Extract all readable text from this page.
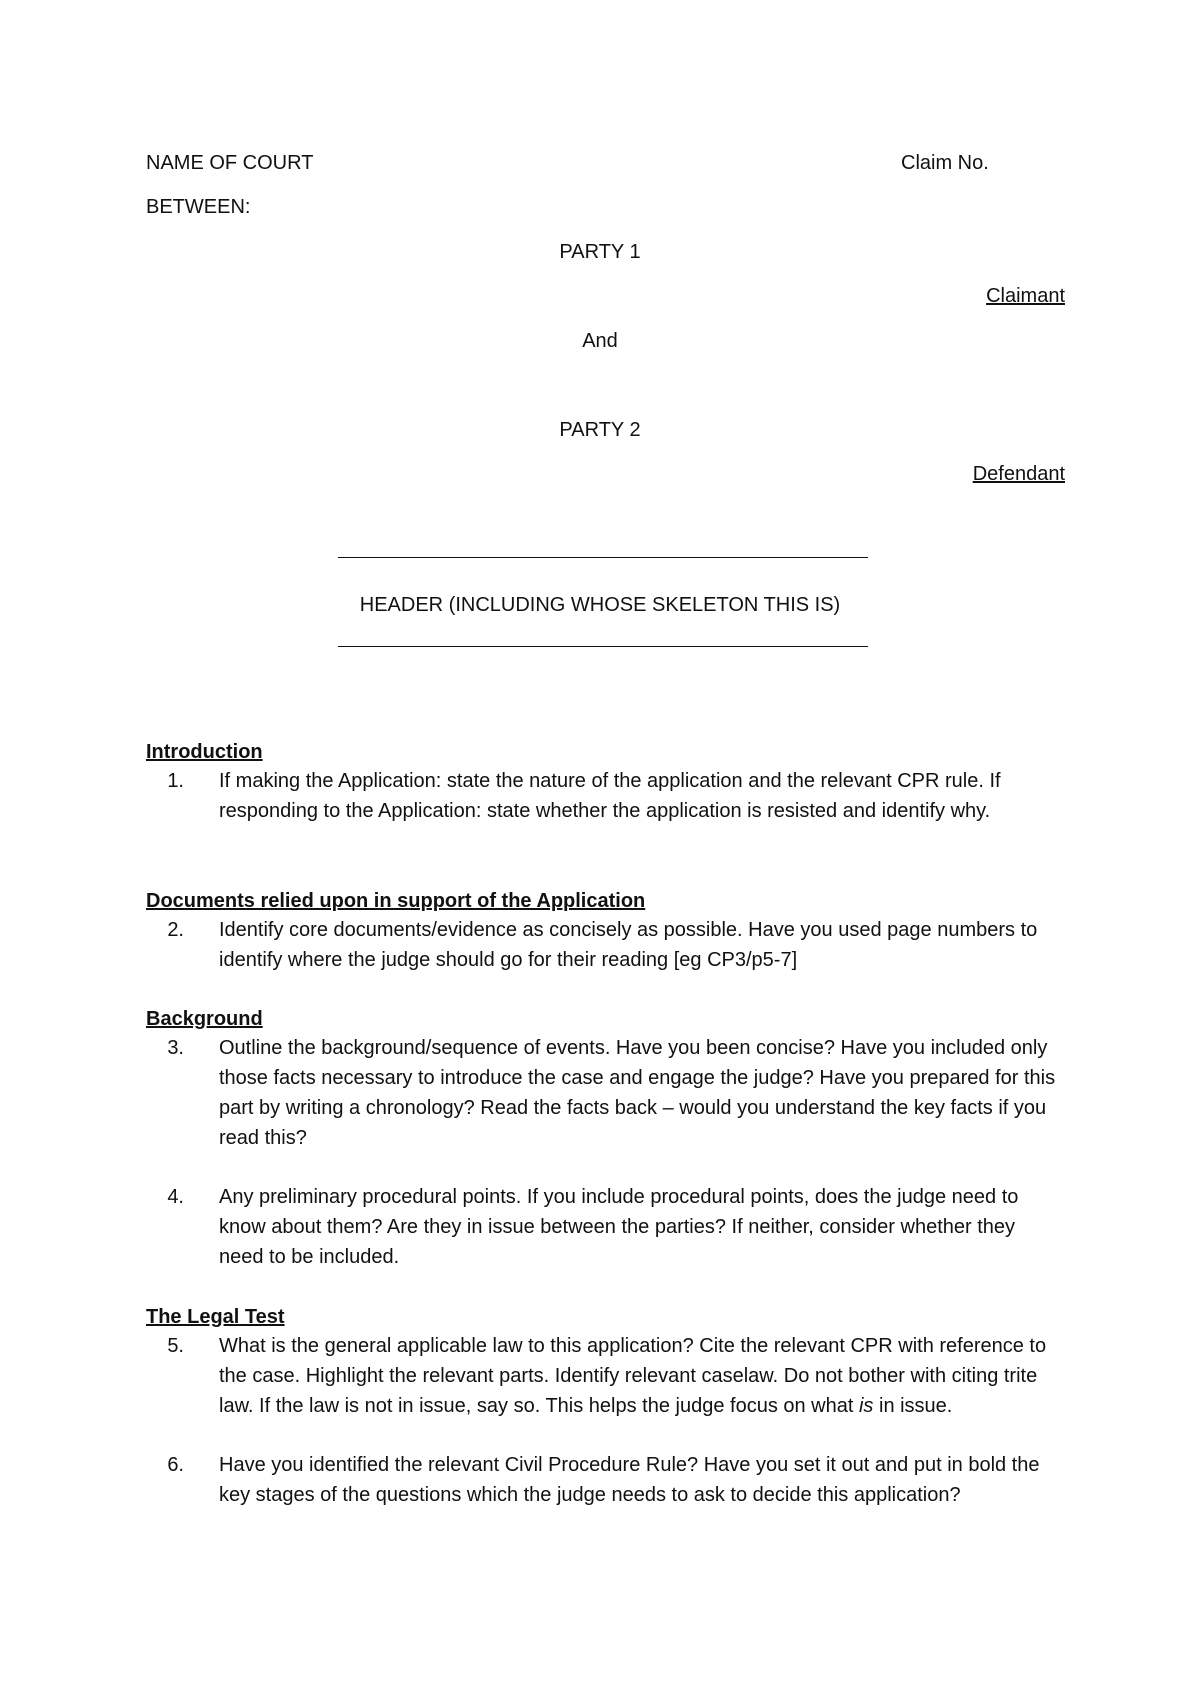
NAME OF COURT	Claim No.
BETWEEN:
PARTY 1
Claimant
And
PARTY 2
Defendant
HEADER (INCLUDING WHOSE SKELETON THIS IS)
Introduction
1. If making the Application: state the nature of the application and the relevant CPR rule. If responding to the Application: state whether the application is resisted and identify why.
Documents relied upon in support of the Application
2. Identify core documents/evidence as concisely as possible. Have you used page numbers to identify where the judge should go for their reading [eg CP3/p5-7]
Background
3. Outline the background/sequence of events. Have you been concise? Have you included only those facts necessary to introduce the case and engage the judge? Have you prepared for this part by writing a chronology? Read the facts back – would you understand the key facts if you read this?
4. Any preliminary procedural points. If you include procedural points, does the judge need to know about them? Are they in issue between the parties? If neither, consider whether they need to be included.
The Legal Test
5. What is the general applicable law to this application? Cite the relevant CPR with reference to the case. Highlight the relevant parts. Identify relevant caselaw. Do not bother with citing trite law. If the law is not in issue, say so. This helps the judge focus on what is in issue.
6. Have you identified the relevant Civil Procedure Rule? Have you set it out and put in bold the key stages of the questions which the judge needs to ask to decide this application?
